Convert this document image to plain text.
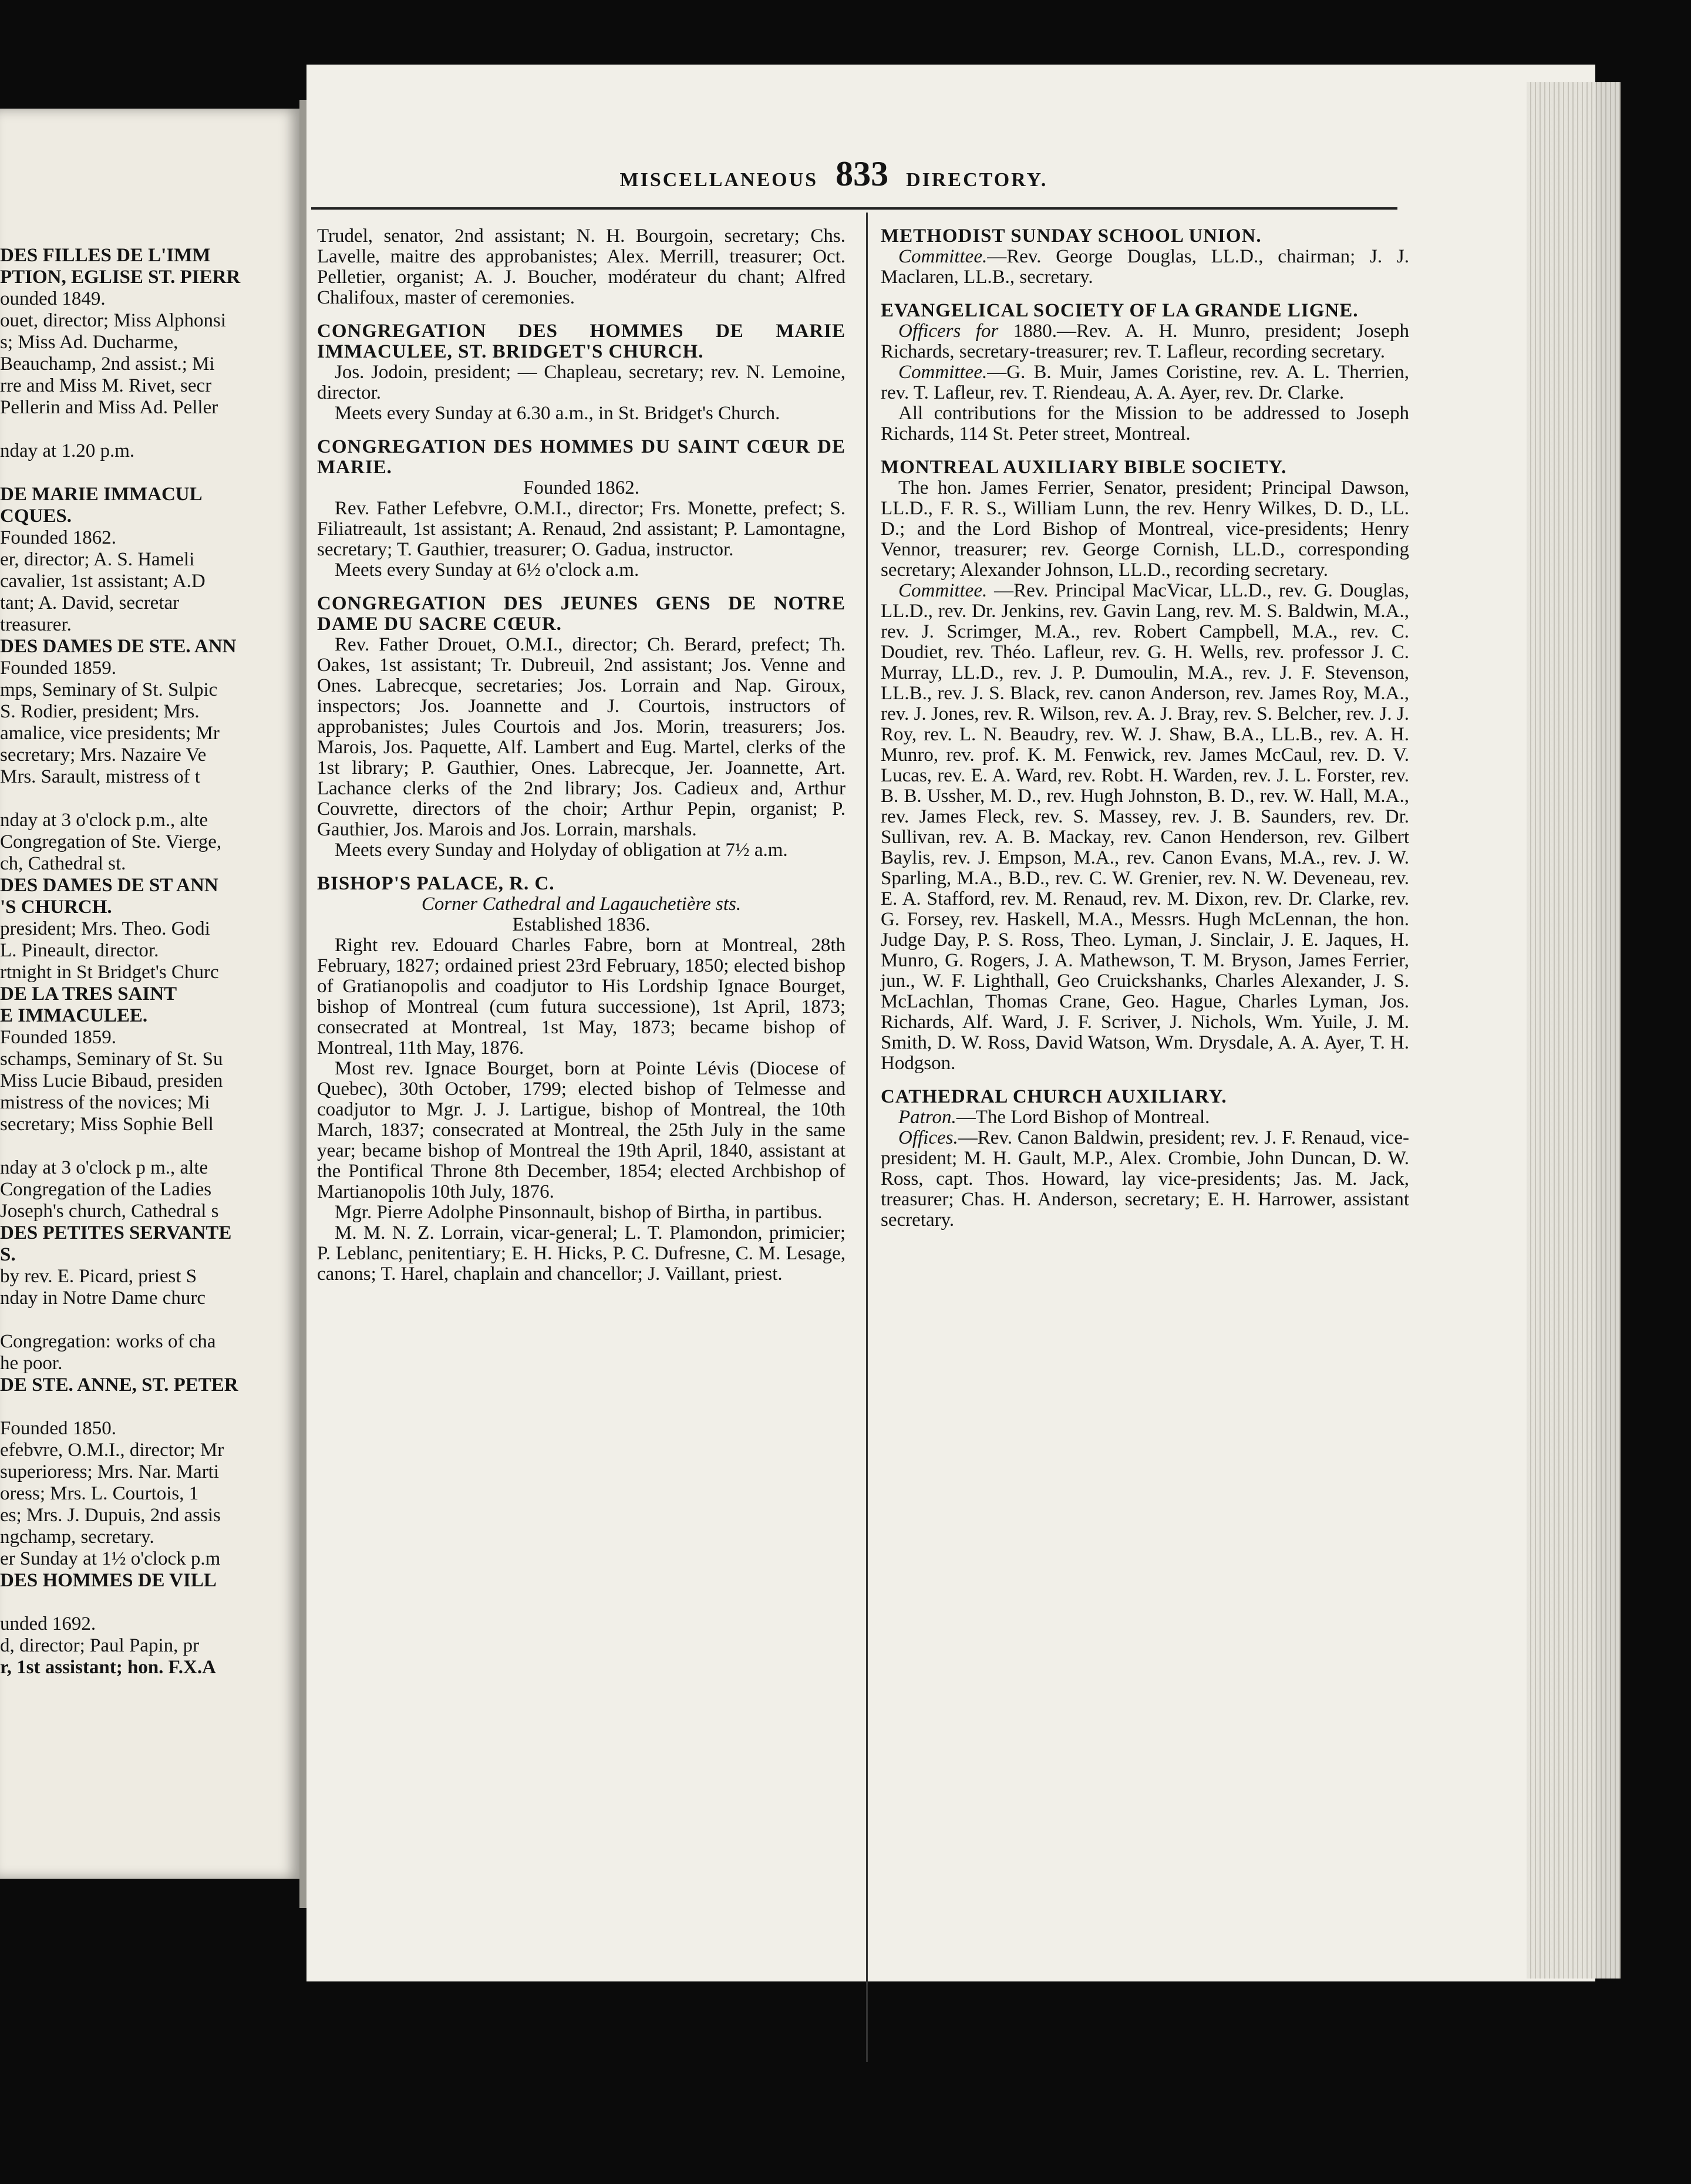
DES FILLES DE L'IMM
PTION, EGLISE ST. PIERR
ounded 1849.
ouet, director; Miss Alphonsi
s; Miss Ad. Ducharme,
Beauchamp, 2nd assist.; Mi
rre and Miss M. Rivet, secr
Pellerin and Miss Ad. Peller
nday at 1.20 p.m.
DE MARIE IMMACUL
CQUES.
Founded 1862.
er, director; A. S. Hameli
cavalier, 1st assistant; A.D
tant; A. David, secretar
treasurer.
DES DAMES DE STE. ANN
Founded 1859.
mps, Seminary of St. Sulpic
S. Rodier, president; Mrs.
amalice, vice presidents; Mr
secretary; Mrs. Nazaire Ve
Mrs. Sarault, mistress of t
nday at 3 o'clock p.m., alte
Congregation of Ste. Vierge,
ch, Cathedral st.
DES DAMES DE ST ANN
'S CHURCH.
president; Mrs. Theo. Godi
L. Pineault, director.
rtnight in St Bridget's Churc
DE LA TRES SAINT
E IMMACULEE.
Founded 1859.
schamps, Seminary of St. Su
Miss Lucie Bibaud, presiden
mistress of the novices; Mi
secretary; Miss Sophie Bell
nday at 3 o'clock p m., alte
Congregation of the Ladies
Joseph's church, Cathedral s
DES PETITES SERVANTE
S.
by rev. E. Picard, priest S
nday in Notre Dame churc
Congregation: works of cha
he poor.
DE STE. ANNE, ST. PETER
Founded 1850.
efebvre, O.M.I., director; Mr
superioress; Mrs. Nar. Marti
oress; Mrs. L. Courtois, 1
es; Mrs. J. Dupuis, 2nd assis
ngchamp, secretary.
er Sunday at 1½ o'clock p.m
DES HOMMES DE VILL
unded 1692.
d, director; Paul Papin, pr
r, 1st assistant; hon. F.X.A
MISCELLANEOUS 833 DIRECTORY.

Trudel, senator, 2nd assistant; N. H. Bourgoin, secretary; Chs. Lavelle, maitre des approbanistes; Alex. Merrill, treasurer; Oct. Pelletier, organist; A. J. Boucher, modérateur du chant; Alfred Chalifoux, master of ceremonies.

CONGREGATION DES HOMMES DE MARIE IMMACULEE, ST. BRIDGET'S CHURCH.

Jos. Jodoin, president; — Chapleau, secretary; rev. N. Lemoine, director.

Meets every Sunday at 6.30 a.m., in St. Bridget's Church.

CONGREGATION DES HOMMES DU SAINT CŒUR DE MARIE.

Founded 1862.

Rev. Father Lefebvre, O.M.I., director; Frs. Monette, prefect; S. Filiatreault, 1st assistant; A. Renaud, 2nd assistant; P. Lamontagne, secretary; T. Gauthier, treasurer; O. Gadua, instructor.

Meets every Sunday at 6½ o'clock a.m.

CONGREGATION DES JEUNES GENS DE NOTRE DAME DU SACRE CŒUR.

Rev. Father Drouet, O.M.I., director; Ch. Berard, prefect; Th. Oakes, 1st assistant; Tr. Dubreuil, 2nd assistant; Jos. Venne and Ones. Labrecque, secretaries; Jos. Lorrain and Nap. Giroux, inspectors; Jos. Joannette and J. Courtois, instructors of approbanistes; Jules Courtois and Jos. Morin, treasurers; Jos. Marois, Jos. Paquette, Alf. Lambert and Eug. Martel, clerks of the 1st library; P. Gauthier, Ones. Labrecque, Jer. Joannette, Art. Lachance clerks of the 2nd library; Jos. Cadieux and, Arthur Couvrette, directors of the choir; Arthur Pepin, organist; P. Gauthier, Jos. Marois and Jos. Lorrain, marshals.

Meets every Sunday and Holyday of obligation at 7½ a.m.

BISHOP'S PALACE, R. C.

Corner Cathedral and Lagauchetière sts.

Established 1836.

Right rev. Edouard Charles Fabre, born at Montreal, 28th February, 1827; ordained priest 23rd February, 1850; elected bishop of Gratianopolis and coadjutor to His Lordship Ignace Bourget, bishop of Montreal (cum futura successione), 1st April, 1873; consecrated at Montreal, 1st May, 1873; became bishop of Montreal, 11th May, 1876.

Most rev. Ignace Bourget, born at Pointe Lévis (Diocese of Quebec), 30th October, 1799; elected bishop of Telmesse and coadjutor to Mgr. J. J. Lartigue, bishop of Montreal, the 10th March, 1837; consecrated at Montreal, the 25th July in the same year; became bishop of Montreal the 19th April, 1840, assistant at the Pontifical Throne 8th December, 1854; elected Archbishop of Martianopolis 10th July, 1876.

Mgr. Pierre Adolphe Pinsonnault, bishop of Birtha, in partibus.

M. M. N. Z. Lorrain, vicar-general; L. T. Plamondon, primicier; P. Leblanc, penitentiary; E. H. Hicks, P. C. Dufresne, C. M. Lesage, canons; T. Harel, chaplain and chancellor; J. Vaillant, priest.

METHODIST SUNDAY SCHOOL UNION.

Committee.—Rev. George Douglas, LL.D., chairman; J. J. Maclaren, LL.B., secretary.

EVANGELICAL SOCIETY OF LA GRANDE LIGNE.

Officers for 1880.—Rev. A. H. Munro, president; Joseph Richards, secretary-treasurer; rev. T. Lafleur, recording secretary.

Committee.—G. B. Muir, James Coristine, rev. A. L. Therrien, rev. T. Lafleur, rev. T. Riendeau, A. A. Ayer, rev. Dr. Clarke.

All contributions for the Mission to be addressed to Joseph Richards, 114 St. Peter street, Montreal.

MONTREAL AUXILIARY BIBLE SOCIETY.

The hon. James Ferrier, Senator, president; Principal Dawson, LL.D., F. R. S., William Lunn, the rev. Henry Wilkes, D. D., LL. D.; and the Lord Bishop of Montreal, vice-presidents; Henry Vennor, treasurer; rev. George Cornish, LL.D., corresponding secretary; Alexander Johnson, LL.D., recording secretary.

Committee. —Rev. Principal MacVicar, LL.D., rev. G. Douglas, LL.D., rev. Dr. Jenkins, rev. Gavin Lang, rev. M. S. Baldwin, M.A., rev. J. Scrimger, M.A., rev. Robert Campbell, M.A., rev. C. Doudiet, rev. Théo. Lafleur, rev. G. H. Wells, rev. professor J. C. Murray, LL.D., rev. J. P. Dumoulin, M.A., rev. J. F. Stevenson, LL.B., rev. J. S. Black, rev. canon Anderson, rev. James Roy, M.A., rev. J. Jones, rev. R. Wilson, rev. A. J. Bray, rev. S. Belcher, rev. J. J. Roy, rev. L. N. Beaudry, rev. W. J. Shaw, B.A., LL.B., rev. A. H. Munro, rev. prof. K. M. Fenwick, rev. James McCaul, rev. D. V. Lucas, rev. E. A. Ward, rev. Robt. H. Warden, rev. J. L. Forster, rev. B. B. Ussher, M. D., rev. Hugh Johnston, B. D., rev. W. Hall, M.A., rev. James Fleck, rev. S. Massey, rev. J. B. Saunders, rev. Dr. Sullivan, rev. A. B. Mackay, rev. Canon Henderson, rev. Gilbert Baylis, rev. J. Empson, M.A., rev. Canon Evans, M.A., rev. J. W. Sparling, M.A., B.D., rev. C. W. Grenier, rev. N. W. Deveneau, rev. E. A. Stafford, rev. M. Renaud, rev. M. Dixon, rev. Dr. Clarke, rev. G. Forsey, rev. Haskell, M.A., Messrs. Hugh McLennan, the hon. Judge Day, P. S. Ross, Theo. Lyman, J. Sinclair, J. E. Jaques, H. Munro, G. Rogers, J. A. Mathewson, T. M. Bryson, James Ferrier, jun., W. F. Lighthall, Geo Cruickshanks, Charles Alexander, J. S. McLachlan, Thomas Crane, Geo. Hague, Charles Lyman, Jos. Richards, Alf. Ward, J. F. Scriver, J. Nichols, Wm. Yuile, J. M. Smith, D. W. Ross, David Watson, Wm. Drysdale, A. A. Ayer, T. H. Hodgson.

CATHEDRAL CHURCH AUXILIARY.

Patron.—The Lord Bishop of Montreal.

Offices.—Rev. Canon Baldwin, president; rev. J. F. Renaud, vice-president; M. H. Gault, M.P., Alex. Crombie, John Duncan, D. W. Ross, capt. Thos. Howard, lay vice-presidents; Jas. M. Jack, treasurer; Chas. H. Anderson, secretary; E. H. Harrower, assistant secretary.
